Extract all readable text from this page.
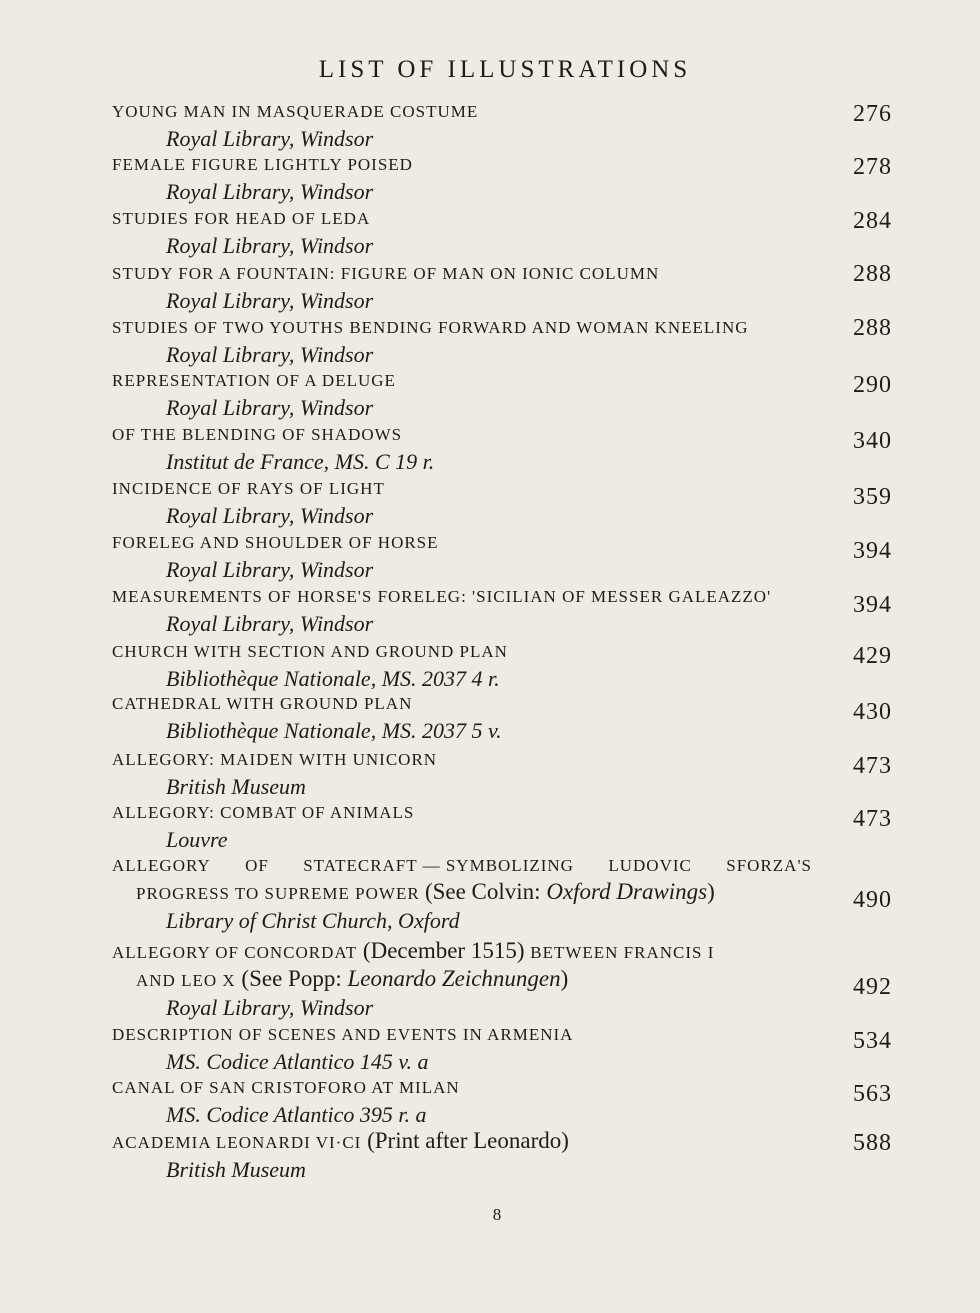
LIST OF ILLUSTRATIONS
YOUNG MAN IN MASQUERADE COSTUME
Royal Library, Windsor
276
FEMALE FIGURE LIGHTLY POISED
Royal Library, Windsor
278
STUDIES FOR HEAD OF LEDA
Royal Library, Windsor
284
STUDY FOR A FOUNTAIN: FIGURE OF MAN ON IONIC COLUMN
Royal Library, Windsor
288
STUDIES OF TWO YOUTHS BENDING FORWARD AND WOMAN KNEELING
Royal Library, Windsor
288
REPRESENTATION OF A DELUGE
Royal Library, Windsor
290
OF THE BLENDING OF SHADOWS
Institut de France, MS. C 19 r.
340
INCIDENCE OF RAYS OF LIGHT
Royal Library, Windsor
359
FORELEG AND SHOULDER OF HORSE
Royal Library, Windsor
394
MEASUREMENTS OF HORSE'S FORELEG: 'SICILIAN OF MESSER GALEAZZO'
Royal Library, Windsor
394
CHURCH WITH SECTION AND GROUND PLAN
Bibliothèque Nationale, MS. 2037 4 r.
429
CATHEDRAL WITH GROUND PLAN
Bibliothèque Nationale, MS. 2037 5 v.
430
ALLEGORY: MAIDEN WITH UNICORN
British Museum
473
ALLEGORY: COMBAT OF ANIMALS
Louvre
473
ALLEGORY OF STATECRAFT — SYMBOLIZING LUDOVIC SFORZA'S
PROGRESS TO SUPREME POWER (See Colvin: Oxford Drawings)
Library of Christ Church, Oxford
490
ALLEGORY OF CONCORDAT (December 1515) BETWEEN FRANCIS I
AND LEO X (See Popp: Leonardo Zeichnungen)
Royal Library, Windsor
492
DESCRIPTION OF SCENES AND EVENTS IN ARMENIA
MS. Codice Atlantico 145 v. a
534
CANAL OF SAN CRISTOFORO AT MILAN
MS. Codice Atlantico 395 r. a
563
ACADEMIA LEONARDI VI·CI (Print after Leonardo)
British Museum
588
8
